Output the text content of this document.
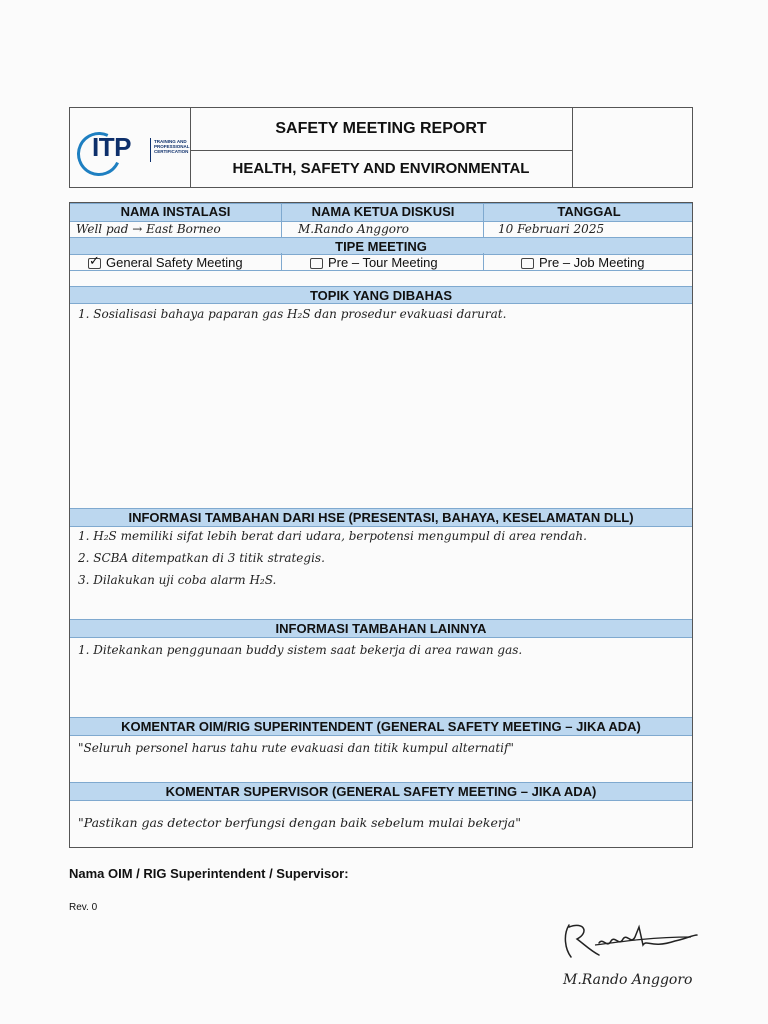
ITP	TRAINING AND
PROFESSIONAL
CERTIFICATION
SAFETY MEETING REPORT
HEALTH, SAFETY AND ENVIRONMENTAL
NAMA INSTALASI	NAMA KETUA DISKUSI	TANGGAL
Well pad → East Borneo	M.Rando Anggoro	10 Februari 2025
TIPE MEETING
✓ General Safety Meeting	Pre – Tour Meeting	Pre – Job Meeting
TOPIK YANG DIBAHAS
1. Sosialisasi bahaya paparan gas H₂S dan prosedur evakuasi darurat.
INFORMASI TAMBAHAN DARI HSE (PRESENTASI, BAHAYA, KESELAMATAN DLL)
1. H₂S memiliki sifat lebih berat dari udara, berpotensi mengumpul di area rendah.
2. SCBA ditempatkan di 3 titik strategis.
3. Dilakukan uji coba alarm H₂S.
INFORMASI TAMBAHAN LAINNYA
1. Ditekankan penggunaan buddy sistem saat bekerja di area rawan gas.
KOMENTAR OIM/RIG SUPERINTENDENT (GENERAL SAFETY MEETING – JIKA ADA)
"Seluruh personel harus tahu rute evakuasi dan titik kumpul alternatif"
KOMENTAR SUPERVISOR (GENERAL SAFETY MEETING – JIKA ADA)
"Pastikan gas detector berfungsi dengan baik sebelum mulai bekerja"
Nama OIM / RIG Superintendent / Supervisor:
Rev. 0
M.Rando Anggoro
